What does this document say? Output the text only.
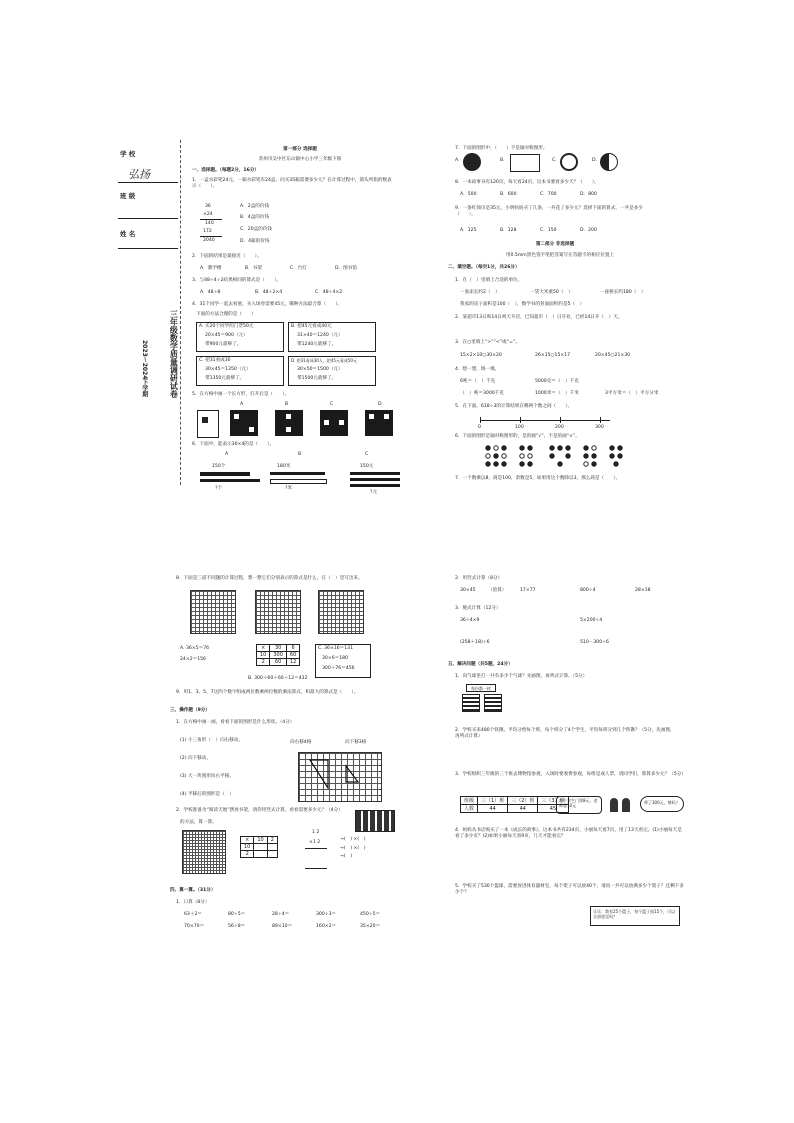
学 校
弘扬
班 级
姓 名
三年级数学质量调研试卷
2023～2024下学期
第一部分 选择题
苏州市吴中区东山镇中心小学三年级下册
一、选择题。（每题2分，16分）
1．一盒水彩笔24元，一箱水彩笔有24盒，问买35箱需要多少元？在计算过程中，箭头所指的数表示（　　）。
36
×24
140
172
2040
A．2盒的价钱
B．4盒的价钱
C．20盒的价钱
D．4箱的价钱
2．下面的结果是最接近（　　）。
A．教学楼	B．书架	C．台灯	D．图书馆
3．与48÷4÷2结果相同的算式是（　　）。
A．48÷8	B．48÷2×4	C．48÷4×2
4．31个同学一起去看展，买入场券需要45元，哪种方法最合算（　　）。
下面的方法合理的是（　　）
A. 买20个同学的门票50元
20×45＝900（元）
带900元就够了。
B. 把45元看成40元
31×40＝1240（元）
带1240元就够了。
C. 把31看成30
30×45＝1350（元）
带1350元就够了。
D. 把31看成30人，把45元看成50元
30×50＝1500（元）
带1500元就够了。
5．在方格中画一个长方形，打开后是（　　）。
A	B	C	D
6．下面中，能表示30×4的是（　　）。
A	B	C
150个
?个
180米
?米
150元
?元
7．下面的图形中，（　　）不是轴对称图形。
A.	B.	C.	D.
8．一本故事书有120页，每天看24页，这本书要看多少天？（　　）。
A．500	B．600	C．700	D．800
9．一条红领巾是35元，小明妈妈买了几条，一共花了多少元？选择下面的算式，一共是多少（　　）。
A．125	B．128	C．150	D．200
第二部分 非选择题
用0.5mm黑色签字笔把答案写在答题卡的相应位置上
二、填空题。（每空1分，共26分）
1．在（　）里填上合适的单位。
一张床长约2（　）	一袋大米重50（　）	一座桥长约180（　）
我家的房子面积是100（　），数学书的封面面积约是5（　）
2．某超市13日和14日两天开店，已知超市（　）日开业，已经14日开（　）天。
3．在○里填上“>”“<”或“=”。
15×2×10○30×20	26×15○15×17	20×45○21×30
4．想一想，填一填。
6吨＝（　）千克	5000克＝（　）千克
（　）吨＝3000千克	1000米＝（　）千米	3平方米＝（　）平方分米
5．在下面，618÷3的计算结果在哪两个数之间（　　）。
0	100	200	300
6．下面的图形是轴对称图形的，是的画“√”，不是的画“×”。
7．一个数乘以8，商是100，余数是5，如果用这个数除以3，那么商是（　　）。
8．下面是三道不同题的计算过程，想一想它们分别表示的算式是什么，在（　）里写出来。
A. 36×5＝76
24×2＝156
×	30	6
10	300	60
2	60	12
B. 300＋60＋60＋12＝432
C. 36×16＝131
30×6＝180
300＋76＝456
9．用1、3、5、7这四个数字组成两位数乘两位数的乘法算式，积最大的算式是（　　）。
三、操作题（9分）
1．在方格中画一画，看看下面的图形是什么形状。（4分）
(1) 小三角形（　）向右移动。
(2) 向下移动。
(3) 大一块图形向右平移。
(4) 平移后的图形是（　）
向右移4格	向下移3格
2．学校准备为“阅读天地”摆放书架，请你用竖式计算，看看需要多少元？（4分）
的方法，算一算。
×	10	2
10		
2		
1 2
×1 2
→(　) ×(　)
→(　) ×(　)
→(　)
四、算一算。（31分）
1．口算（8分）
63＋2＝	80÷5＝	28÷4＝	300÷3＝	450÷5＝
70×70＝	56÷8＝	89×10＝	160×2＝	35×20＝
2．用竖式计算（8分）
30×45	（验算）	17×77	800÷4	28×18
3．脱式计算（12分）
36÷4×9	5×200÷4
(258＋18)÷6	510－300÷6
五、解决问题（共5题，24分）
1．向气球里打一共有多少个气球？先画图，再列式计算。（5分）
每份都一样
2．学校买来480个铁锹，平均分给每个班，每个班分了4个学生，平均每班分到几个铁锹？（5分，先画图，再列式计算）
3．学校组织三年级的三个班去博物馆参观，入场时要收费参观，每组是成人票，请同学们，算算多少元？（5分）
班级	三（1）班	三（2）班	三（3）班
人数	44	44	45
每个学生门票8元，老师是10元
带了300元，够吗？
4．妈妈从书店购买了一本《成长的故事》，这本书共有234页，小丽每天看7页，用了13天看完。(1)小丽每天是看了多少页？(2)如果小丽每天看9页，几天才能看完？
5．学校买了530个篮球，需要放进体育器材室，每个架子可以放40个，请问一共可以放满多少个架子？还剩下多少个？
乐乐：我有25个篮子，每个篮子放15个，可以全部放完吗？
